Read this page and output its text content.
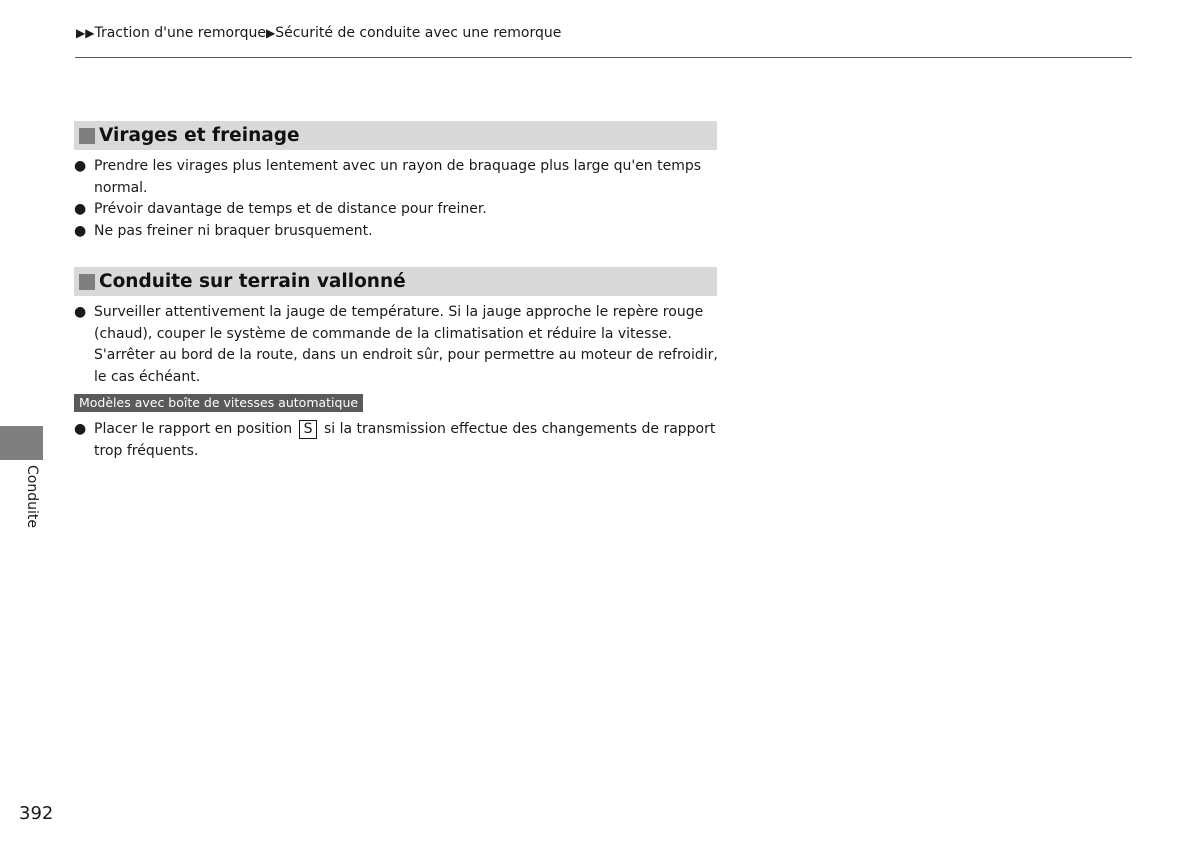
▶▶Traction d'une remorque▶Sécurité de conduite avec une remorque
Virages et freinage
● Prendre les virages plus lentement avec un rayon de braquage plus large qu'en temps normal.
● Prévoir davantage de temps et de distance pour freiner.
● Ne pas freiner ni braquer brusquement.
Conduite sur terrain vallonné
● Surveiller attentivement la jauge de température. Si la jauge approche le repère rouge (chaud), couper le système de commande de la climatisation et réduire la vitesse. S'arrêter au bord de la route, dans un endroit sûr, pour permettre au moteur de refroidir, le cas échéant.
Modèles avec boîte de vitesses automatique
● Placer le rapport en position S si la transmission effectue des changements de rapport trop fréquents.
Conduite
392
